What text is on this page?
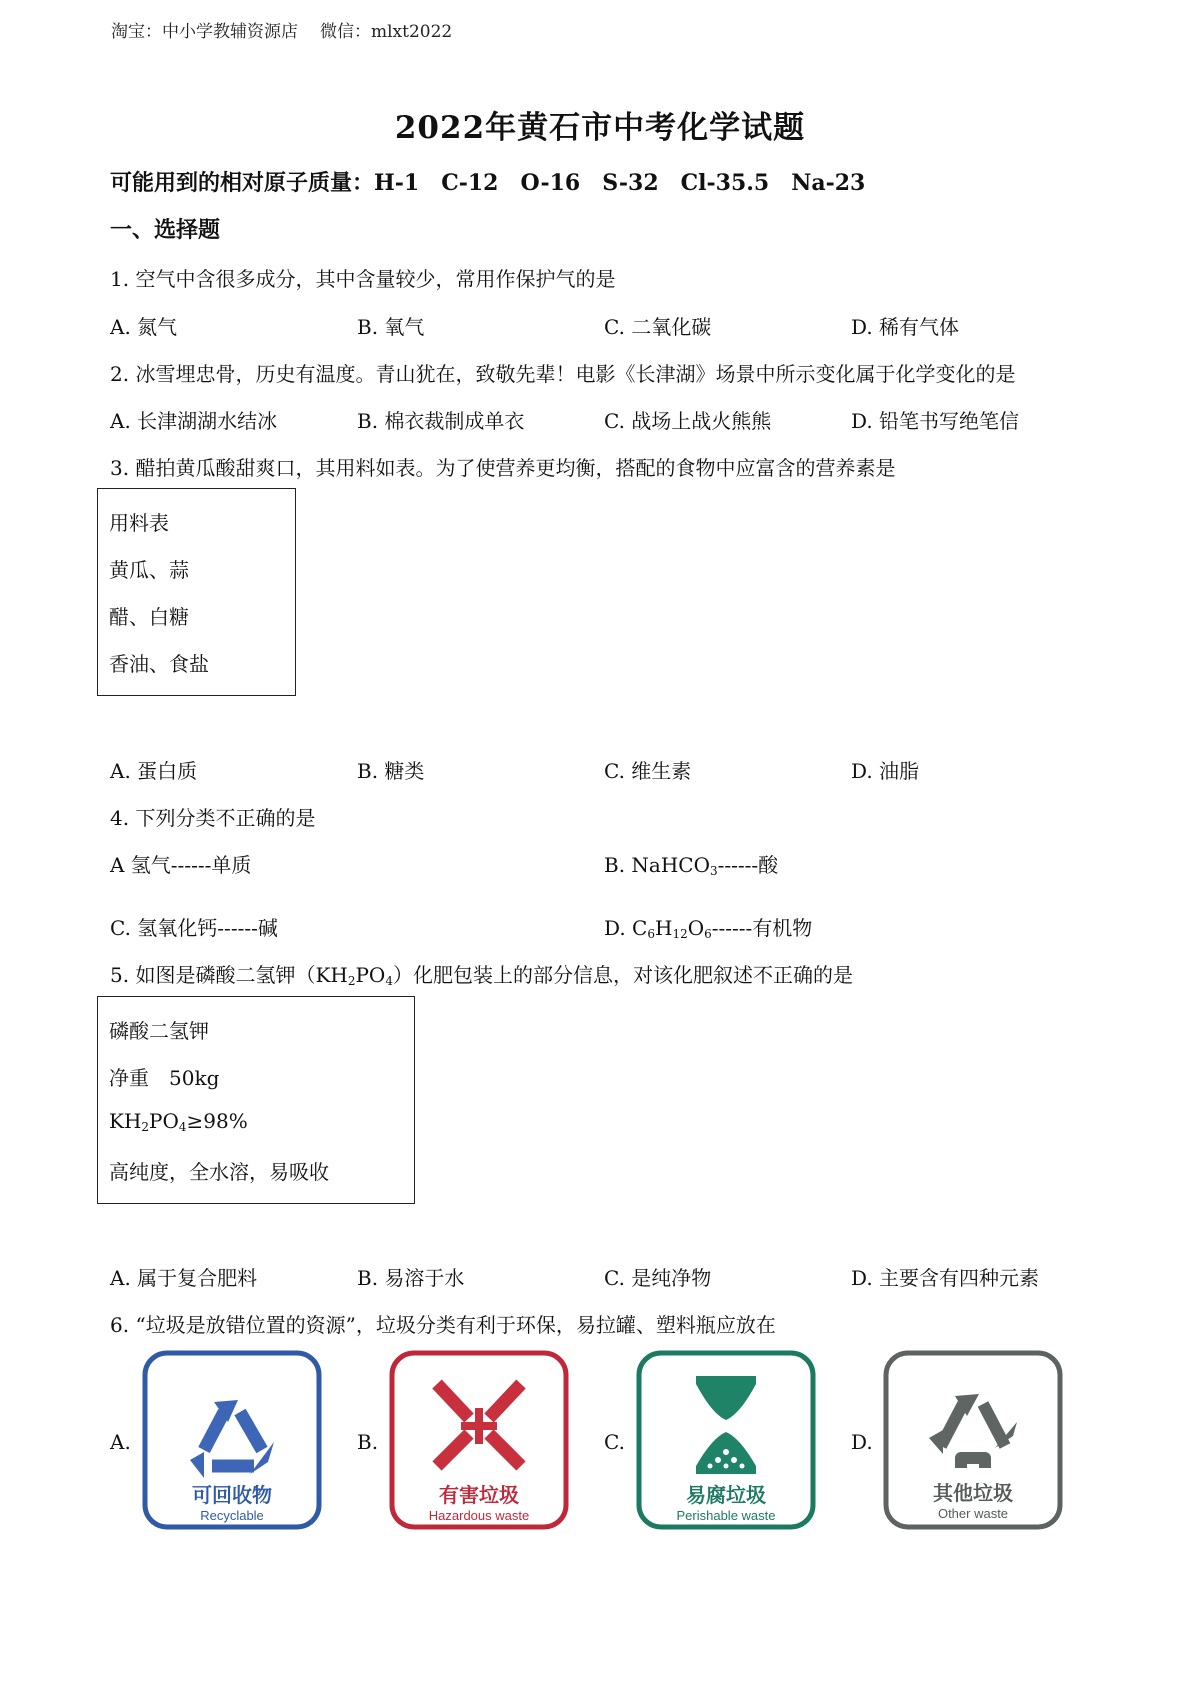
淘宝：中小学教辅资源店 微信：mlxt2022
2022年黄石市中考化学试题
可能用到的相对原子质量：H-1　C-12　O-16　S-32　Cl-35.5　Na-23
一、选择题
1. 空气中含很多成分，其中含量较少，常用作保护气的是
A. 氮气	B. 氧气	C. 二氧化碳	D. 稀有气体
2. 冰雪埋忠骨，历史有温度。青山犹在，致敬先辈！电影《长津湖》场景中所示变化属于化学变化的是
A. 长津湖湖水结冰	B. 棉衣裁制成单衣	C. 战场上战火熊熊	D. 铅笔书写绝笔信
3. 醋拍黄瓜酸甜爽口，其用料如表。为了使营养更均衡，搭配的食物中应富含的营养素是
用料表
黄瓜、蒜
醋、白糖
香油、食盐
A. 蛋白质	B. 糖类	C. 维生素	D. 油脂
4. 下列分类不正确的是
A 氢气------单质	B. NaHCO$_3$------酸
C. 氢氧化钙------碱	D. $C_6H_{12}O_6------$有机物
5. 如图是磷酸二氢钾$(KH_2PO_4)$化肥包装上的部分信息，对该化肥叙述不正确的是
磷酸二氢钾
净重　50kg
$KH_2PO_4\ge 98\%$
高纯度，全水溶，易吸收
A. 属于复合肥料	B. 易溶于水	C. 是纯净物	D. 主要含有四种元素
6. “垃圾是放错位置的资源”，垃圾分类有利于环保，易拉罐、塑料瓶应放在
A.	B.	C.	D.
可回收物
Recyclable
有害垃圾
Hazardous waste
易腐垃圾
Perishable waste
其他垃圾
Other waste
